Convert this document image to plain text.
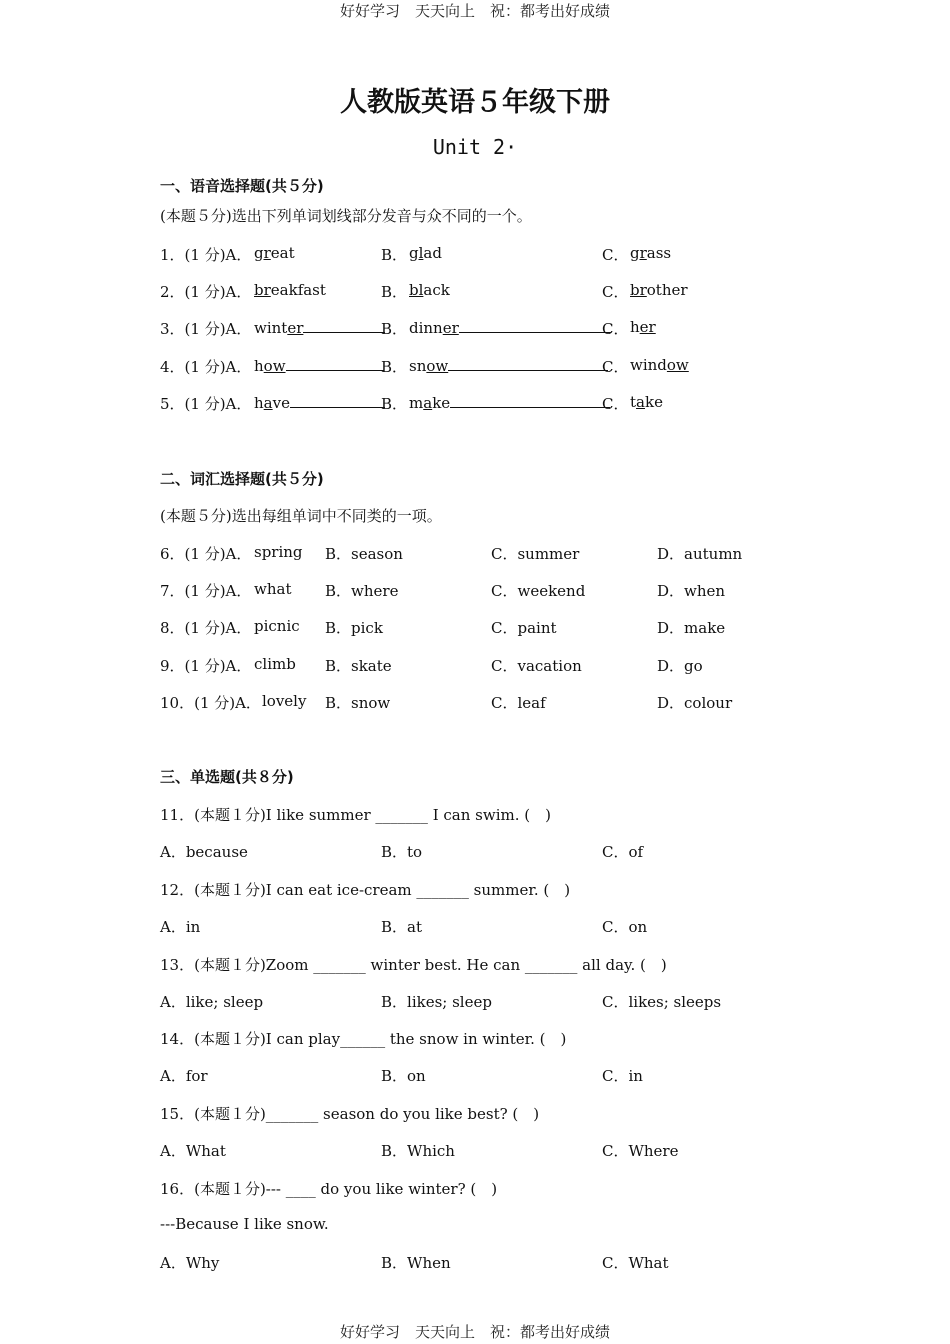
好好学习　天天向上　祝：都考出好成绩
好好学习　天天向上　祝：都考出好成绩
人教版英语５年级下册
Unit 2·
一、语音选择题(共５分)
(本题５分)选出下列单词划线部分发音与众不同的一个。
1．(1 分)A． great	B． glad	C． grass
2．(1 分)A． breakfast	B． black	C． brother
3．(1 分)A． winter	B． dinner	C． her
4．(1 分)A． how	B． snow	C． window
5．(1 分)A． have	B． make	C． take
二、词汇选择题(共５分)
(本题５分)选出每组单词中不同类的一项。
6．(1 分)A． spring B．season	C．summer	D．autumn
7．(1 分)A． what B．where	C．weekend	D．when
8．(1 分)A． picnic B．pick	C．paint	D．make
9．(1 分)A． climb B．skate	C．vacation	D．go
10．(1 分)A． lovely B．snow	C．leaf	D．colour
三、单选题(共８分)
11．(本题１分)I like summer _______ I can swim. (　)
A．because	B．to	C．of
12．(本题１分)I can eat ice-cream _______ summer. (　)
A．in	B．at	C．on
13．(本题１分)Zoom _______ winter best. He can _______ all day. (　)
A．like; sleep	B．likes; sleep	C．likes; sleeps
14．(本题１分)I can play______ the snow in winter. (　)
A．for	B．on	C．in
15．(本题１分)_______ season do you like best? (　)
A．What	B．Which	C．Where
16．(本题１分)--- ____ do you like winter? (　)
---Because I like snow.
A．Why	B．When	C．What
